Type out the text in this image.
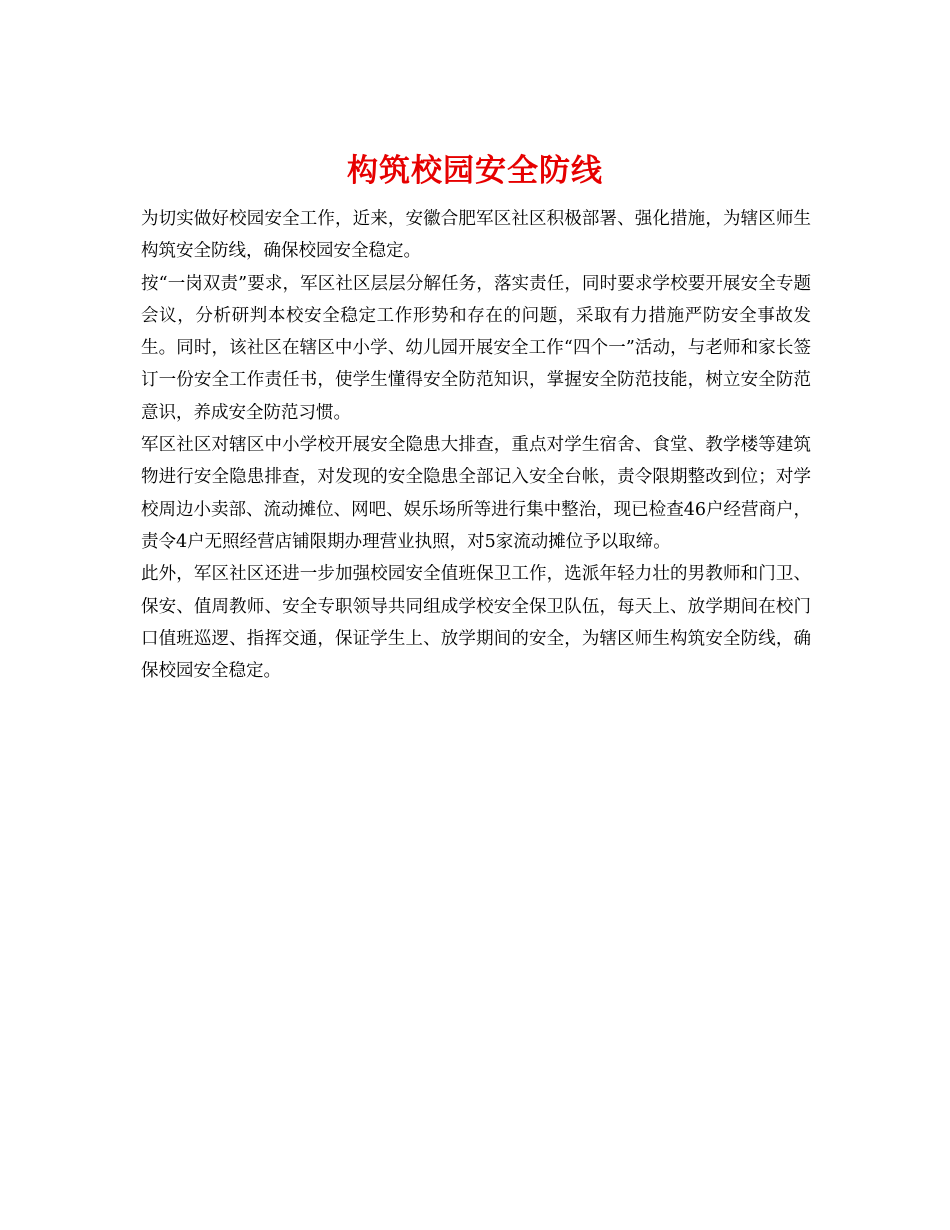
构筑校园安全防线

为切实做好校园安全工作，近来，安徽合肥军区社区积极部署、强化措施，为辖区师生构筑安全防线，确保校园安全稳定。

按“一岗双责”要求，军区社区层层分解任务，落实责任，同时要求学校要开展安全专题会议，分析研判本校安全稳定工作形势和存在的问题，采取有力措施严防安全事故发生。同时，该社区在辖区中小学、幼儿园开展安全工作“四个一”活动，与老师和家长签订一份安全工作责任书，使学生懂得安全防范知识，掌握安全防范技能，树立安全防范意识，养成安全防范习惯。

军区社区对辖区中小学校开展安全隐患大排查，重点对学生宿舍、食堂、教学楼等建筑物进行安全隐患排查，对发现的安全隐患全部记入安全台帐，责令限期整改到位；对学校周边小卖部、流动摊位、网吧、娱乐场所等进行集中整治，现已检查46户经营商户，责令4户无照经营店铺限期办理营业执照，对5家流动摊位予以取缔。

此外，军区社区还进一步加强校园安全值班保卫工作，选派年轻力壮的男教师和门卫、保安、值周教师、安全专职领导共同组成学校安全保卫队伍，每天上、放学期间在校门口值班巡逻、指挥交通，保证学生上、放学期间的安全，为辖区师生构筑安全防线，确保校园安全稳定。
